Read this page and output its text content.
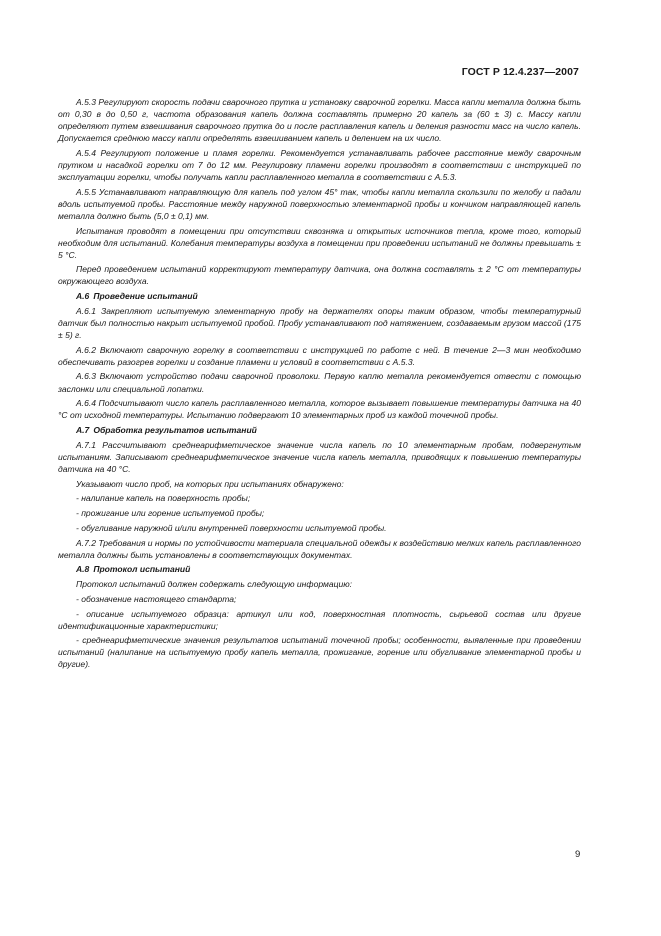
ГОСТ Р 12.4.237—2007

А.5.3 Регулируют скорость подачи сварочного прутка и установку сварочной горелки. Масса капли металла должна быть от 0,30 в до 0,50 г, частота образования капель должна составлять примерно 20 капель за (60 ± 3) с. Массу капли определяют путем взвешивания сварочного прутка до и после расплавления капель и деления разности масс на число капель. Допускается среднюю массу капли определять взвешиванием капель и делением на их число.

А.5.4 Регулируют положение и пламя горелки. Рекомендуется устанавливать рабочее расстояние между сварочным прутком и насадкой горелки от 7 до 12 мм. Регулировку пламени горелки производят в соответствии с инструкцией по эксплуатации горелки, чтобы получать капли расплавленного металла в соответствии с А.5.3.

А.5.5 Устанавливают направляющую для капель под углом 45° так, чтобы капли металла скользили по желобу и падали вдоль испытуемой пробы. Расстояние между наружной поверхностью элементарной пробы и кончиком направляющей капель металла должно быть (5,0 ± 0,1) мм.

Испытания проводят в помещении при отсутствии сквозняка и открытых источников тепла, кроме того, который необходим для испытаний. Колебания температуры воздуха в помещении при проведении испытаний не должны превышать ± 5 °С.

Перед проведением испытаний корректируют температуру датчика, она должна составлять ± 2 °С от температуры окружающего воздуха.

А.6 Проведение испытаний

А.6.1 Закрепляют испытуемую элементарную пробу на держателях опоры таким образом, чтобы температурный датчик был полностью накрыт испытуемой пробой. Пробу устанавливают под натяжением, создаваемым грузом массой (175 ± 5) г.

А.6.2 Включают сварочную горелку в соответствии с инструкцией по работе с ней. В течение 2—3 мин необходимо обеспечивать разогрев горелки и создание пламени и условий в соответствии с А.5.3.

А.6.3 Включают устройство подачи сварочной проволоки. Первую каплю металла рекомендуется отвести с помощью заслонки или специальной лопатки.

А.6.4 Подсчитывают число капель расплавленного металла, которое вызывает повышение температуры датчика на 40 °С от исходной температуры. Испытанию подвергают 10 элементарных проб из каждой точечной пробы.

А.7 Обработка результатов испытаний

А.7.1 Рассчитывают среднеарифметическое значение числа капель по 10 элементарным пробам, подвергнутым испытаниям. Записывают среднеарифметическое значение числа капель металла, приводящих к повышению температуры датчика на 40 °С.

Указывают число проб, на которых при испытаниях обнаружено:

- налипание капель на поверхность пробы;

- прожигание или горение испытуемой пробы;

- обугливание наружной и/или внутренней поверхности испытуемой пробы.

А.7.2 Требования и нормы по устойчивости материала специальной одежды к воздействию мелких капель расплавленного металла должны быть установлены в соответствующих документах.

А.8 Протокол испытаний

Протокол испытаний должен содержать следующую информацию:

- обозначение настоящего стандарта;

- описание испытуемого образца: артикул или код, поверхностная плотность, сырьевой состав или другие идентификационные характеристики;

- среднеарифметические значения результатов испытаний точечной пробы; особенности, выявленные при проведении испытаний (налипание на испытуемую пробу капель металла, прожигание, горение или обугливание элементарной пробы и другие).

9
